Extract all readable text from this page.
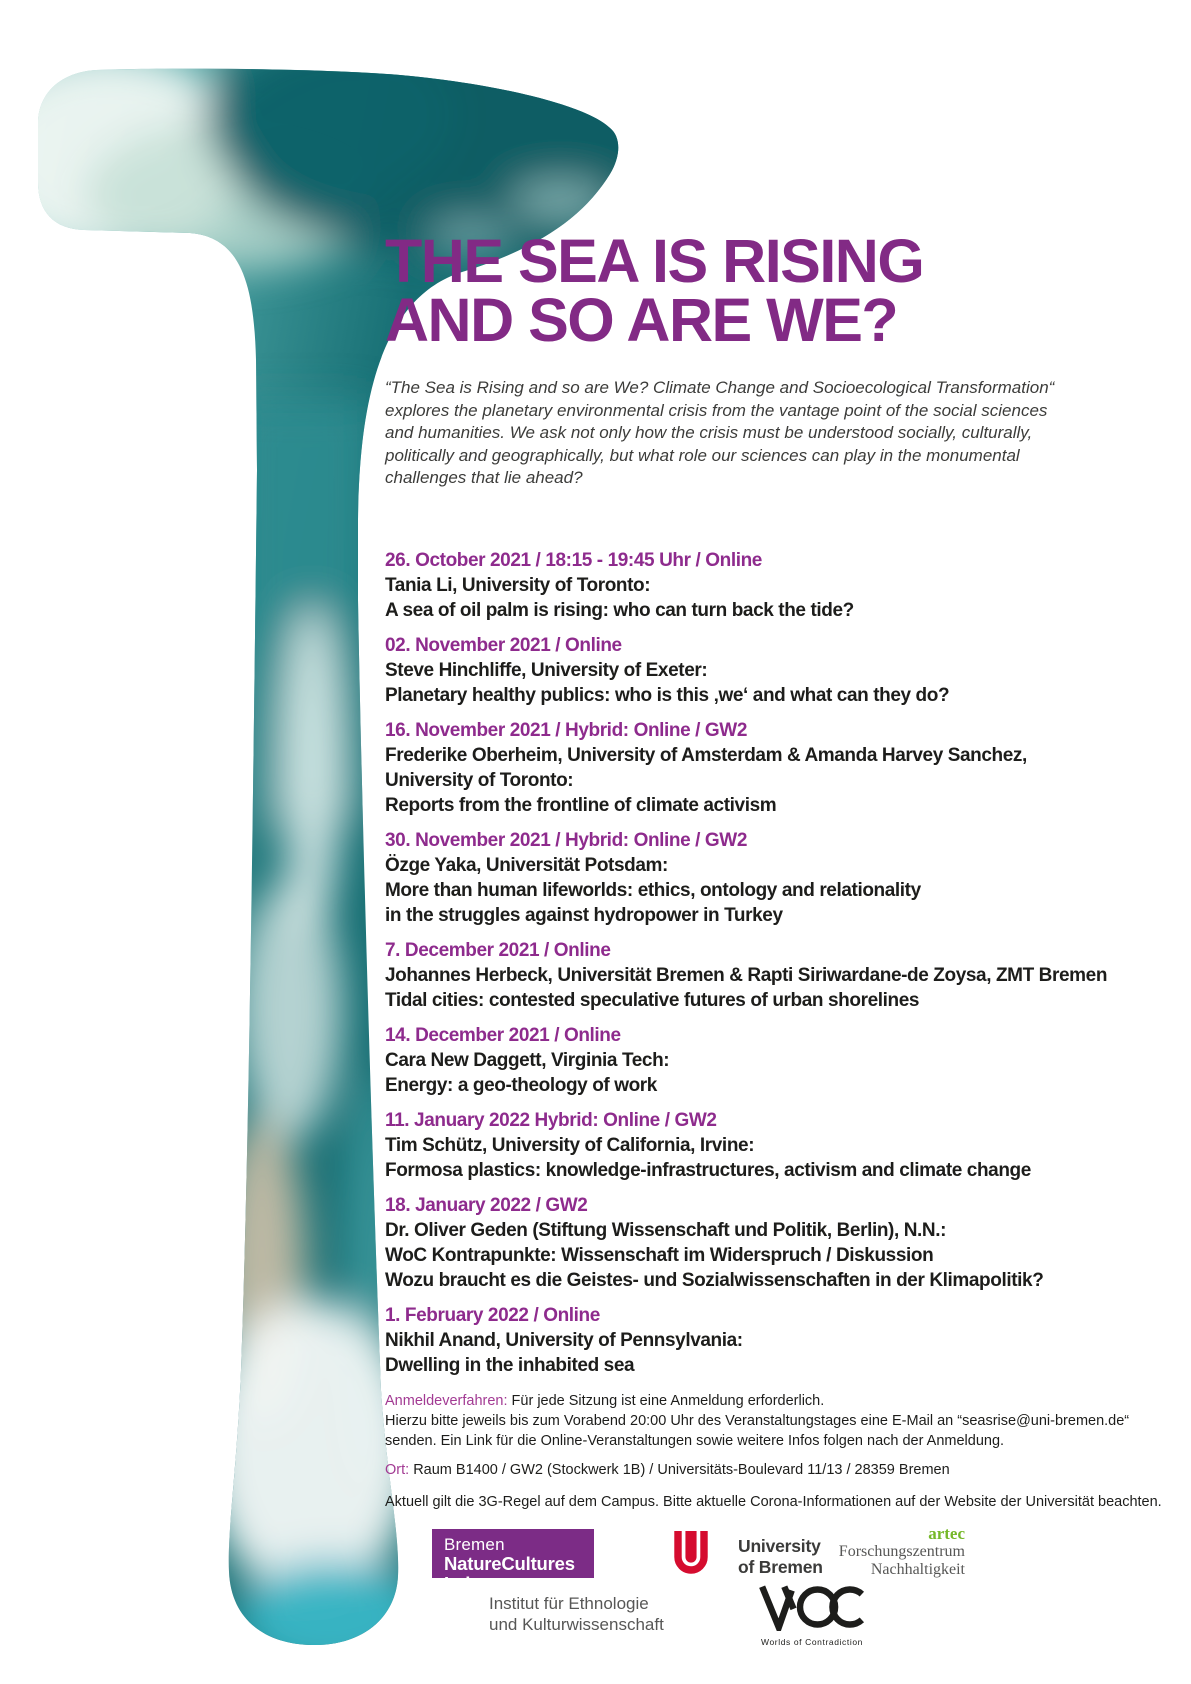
THE SEA IS RISING
AND SO ARE WE?
“The Sea is Rising and so are We? Climate Change and Socioecological Transformation“
explores the planetary environmental crisis from the vantage point of the social sciences
and humanities. We ask not only how the crisis must be understood socially, culturally,
politically and geographically, but what role our sciences can play in the monumental
challenges that lie ahead?
26. October 2021 / 18:15 - 19:45 Uhr / Online
Tania Li, University of Toronto:
A sea of oil palm is rising: who can turn back the tide?
02. November 2021 / Online
Steve Hinchliffe, University of Exeter:
Planetary healthy publics: who is this ‚we‘ and what can they do?
16. November 2021 / Hybrid: Online / GW2
Frederike Oberheim, University of Amsterdam & Amanda Harvey Sanchez,
University of Toronto:
Reports from the frontline of climate activism
30. November 2021 / Hybrid: Online / GW2
Özge Yaka, Universität Potsdam:
More than human lifeworlds: ethics, ontology and relationality
in the struggles against hydropower in Turkey
7. December 2021 / Online
Johannes Herbeck, Universität Bremen & Rapti Siriwardane-de Zoysa, ZMT Bremen
Tidal cities: contested speculative futures of urban shorelines
14. December 2021 / Online
Cara New Daggett, Virginia Tech:
Energy: a geo-theology of work
11. January 2022 Hybrid: Online / GW2
Tim Schütz, University of California, Irvine:
Formosa plastics: knowledge-infrastructures, activism and climate change
18. January 2022 / GW2
Dr. Oliver Geden (Stiftung Wissenschaft und Politik, Berlin), N.N.:
WoC Kontrapunkte: Wissenschaft im Widerspruch / Diskussion
Wozu braucht es die Geistes- und Sozialwissenschaften in der Klimapolitik?
1. February 2022 / Online
Nikhil Anand, University of Pennsylvania:
Dwelling in the inhabited sea
Anmeldeverfahren: Für jede Sitzung ist eine Anmeldung erforderlich.
Hierzu bitte jeweils bis zum Vorabend 20:00 Uhr des Veranstaltungstages eine E-Mail an “seasrise@uni-bremen.de“
senden. Ein Link für die Online-Veranstaltungen sowie weitere Infos folgen nach der Anmeldung.
Ort: Raum B1400 / GW2 (Stockwerk 1B) / Universitäts-Boulevard 11/13 / 28359 Bremen
Aktuell gilt die 3G-Regel auf dem Campus. Bitte aktuelle Corona-Informationen auf der Website der Universität beachten.
Bremen
NatureCultures Lab
University
of Bremen
artec
Forschungszentrum
Nachhaltigkeit
Institut für Ethnologie
und Kulturwissenschaft
Worlds of Contradiction
